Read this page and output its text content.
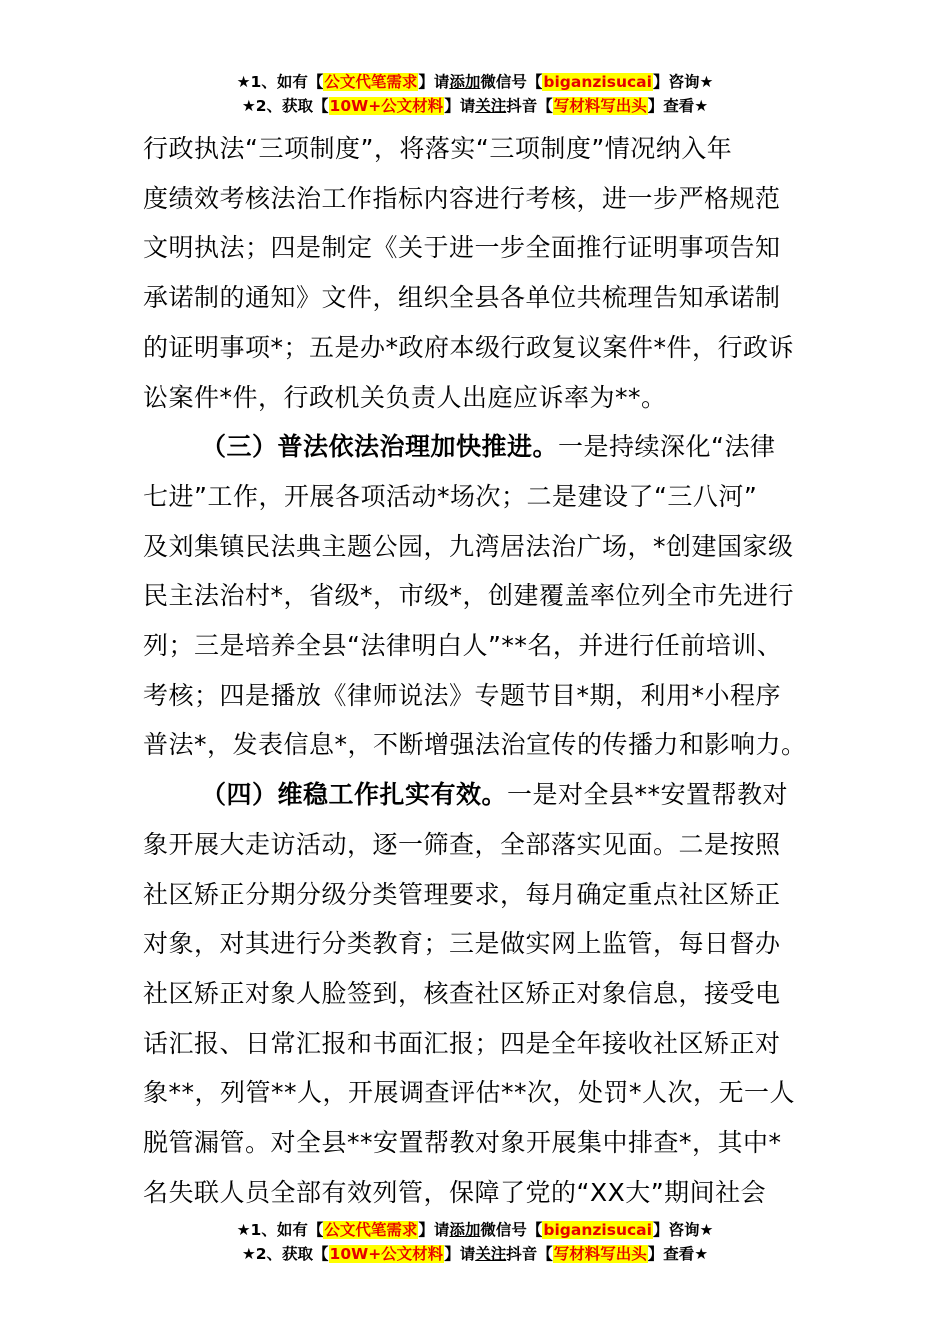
★1、如有【公文代笔需求】请添加微信号【biganzisucai】咨询★
★2、获取【10W+公文材料】请关注抖音【写材料写出头】查看★

行政执法“三项制度”，将落实“三项制度”情况纳入年
度绩效考核法治工作指标内容进行考核，进一步严格规范
文明执法；四是制定《关于进一步全面推行证明事项告知
承诺制的通知》文件，组织全县各单位共梳理告知承诺制
的证明事项*；五是办*政府本级行政复议案件*件，行政诉
讼案件*件，行政机关负责人出庭应诉率为**。

（三）普法依法治理加快推进。一是持续深化“法律
七进”工作，开展各项活动*场次；二是建设了“三八河”
及刘集镇民法典主题公园，九湾居法治广场，*创建国家级
民主法治村*，省级*，市级*，创建覆盖率位列全市先进行
列；三是培养全县“法律明白人”**名，并进行任前培训、
考核；四是播放《律师说法》专题节目*期，利用*小程序
普法*，发表信息*，不断增强法治宣传的传播力和影响力。

（四）维稳工作扎实有效。一是对全县**安置帮教对
象开展大走访活动，逐一筛查，全部落实见面。二是按照
社区矫正分期分级分类管理要求，每月确定重点社区矫正
对象，对其进行分类教育；三是做实网上监管，每日督办
社区矫正对象人脸签到，核查社区矫正对象信息，接受电
话汇报、日常汇报和书面汇报；四是全年接收社区矫正对
象**，列管**人，开展调查评估**次，处罚*人次，无一人
脱管漏管。对全县**安置帮教对象开展集中排查*，其中*
名失联人员全部有效列管，保障了党的“XX大”期间社会

★1、如有【公文代笔需求】请添加微信号【biganzisucai】咨询★
★2、获取【10W+公文材料】请关注抖音【写材料写出头】查看★
